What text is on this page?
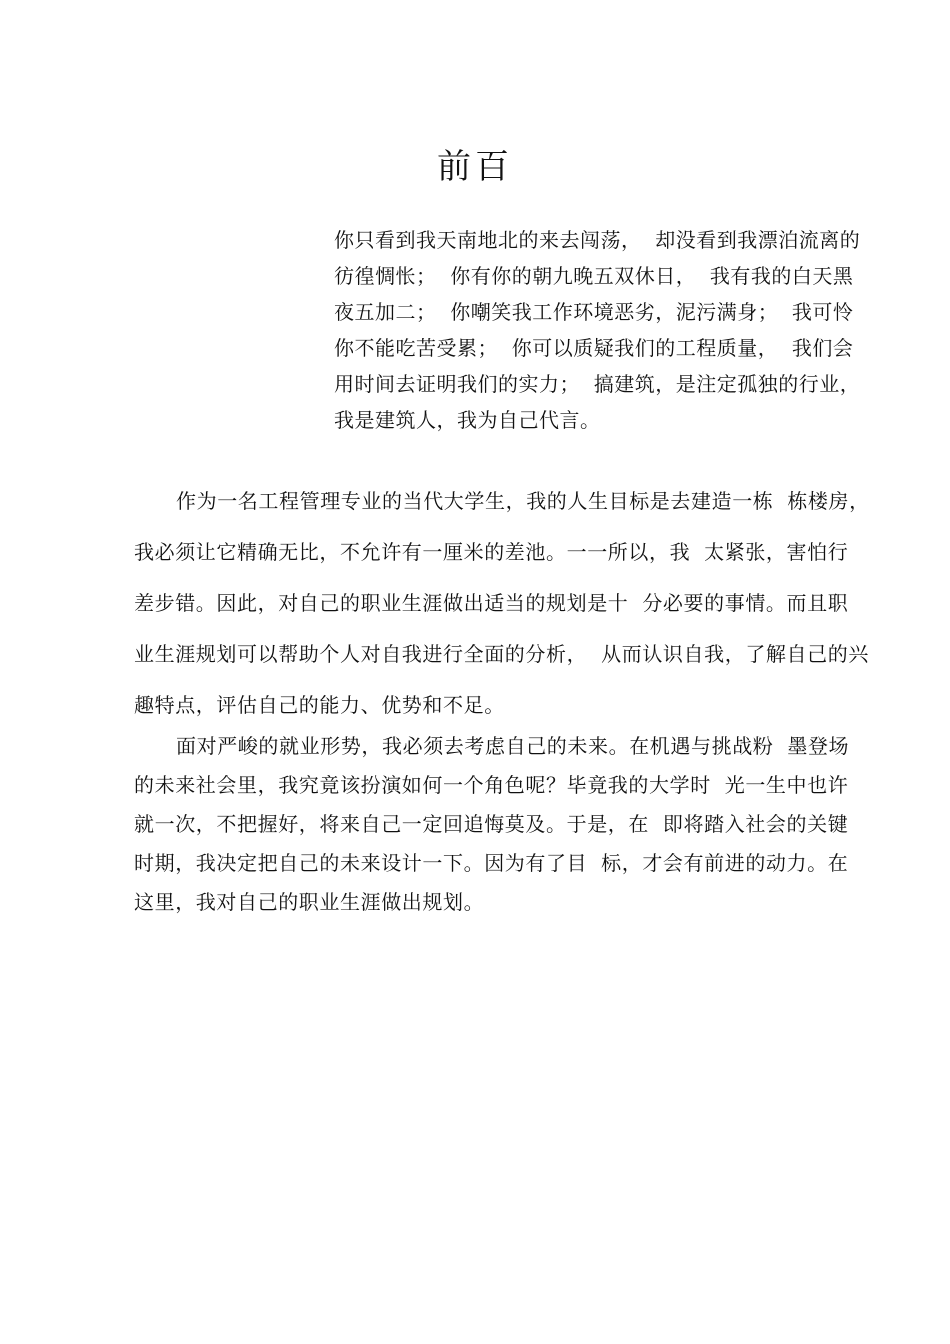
前百
你只看到我天南地北的来去闯荡，  却没看到我漂泊流离的
彷徨惆怅；  你有你的朝九晚五双休日，  我有我的白天黑
夜五加二；  你嘲笑我工作环境恶劣，泥污满身；  我可怜
你不能吃苦受累；  你可以质疑我们的工程质量，  我们会
用时间去证明我们的实力；  搞建筑，是注定孤独的行业，
我是建筑人，我为自己代言。
作为一名工程管理专业的当代大学生，我的人生目标是去建造一栋  栋楼房，
我必须让它精确无比，不允许有一厘米的差池。一一所以，我  太紧张，害怕行
差步错。因此，对自己的职业生涯做出适当的规划是十  分必要的事情。而且职
业生涯规划可以帮助个人对自我进行全面的分析，  从而认识自我，了解自己的兴
趣特点，评估自己的能力、优势和不足。
面对严峻的就业形势，我必须去考虑自己的未来。在机遇与挑战粉  墨登场
的未来社会里，我究竟该扮演如何一个角色呢？毕竟我的大学时  光一生中也许
就一次，不把握好，将来自己一定回追悔莫及。于是，在  即将踏入社会的关键
时期，我决定把自己的未来设计一下。因为有了目  标，才会有前进的动力。在
这里，我对自己的职业生涯做出规划。
